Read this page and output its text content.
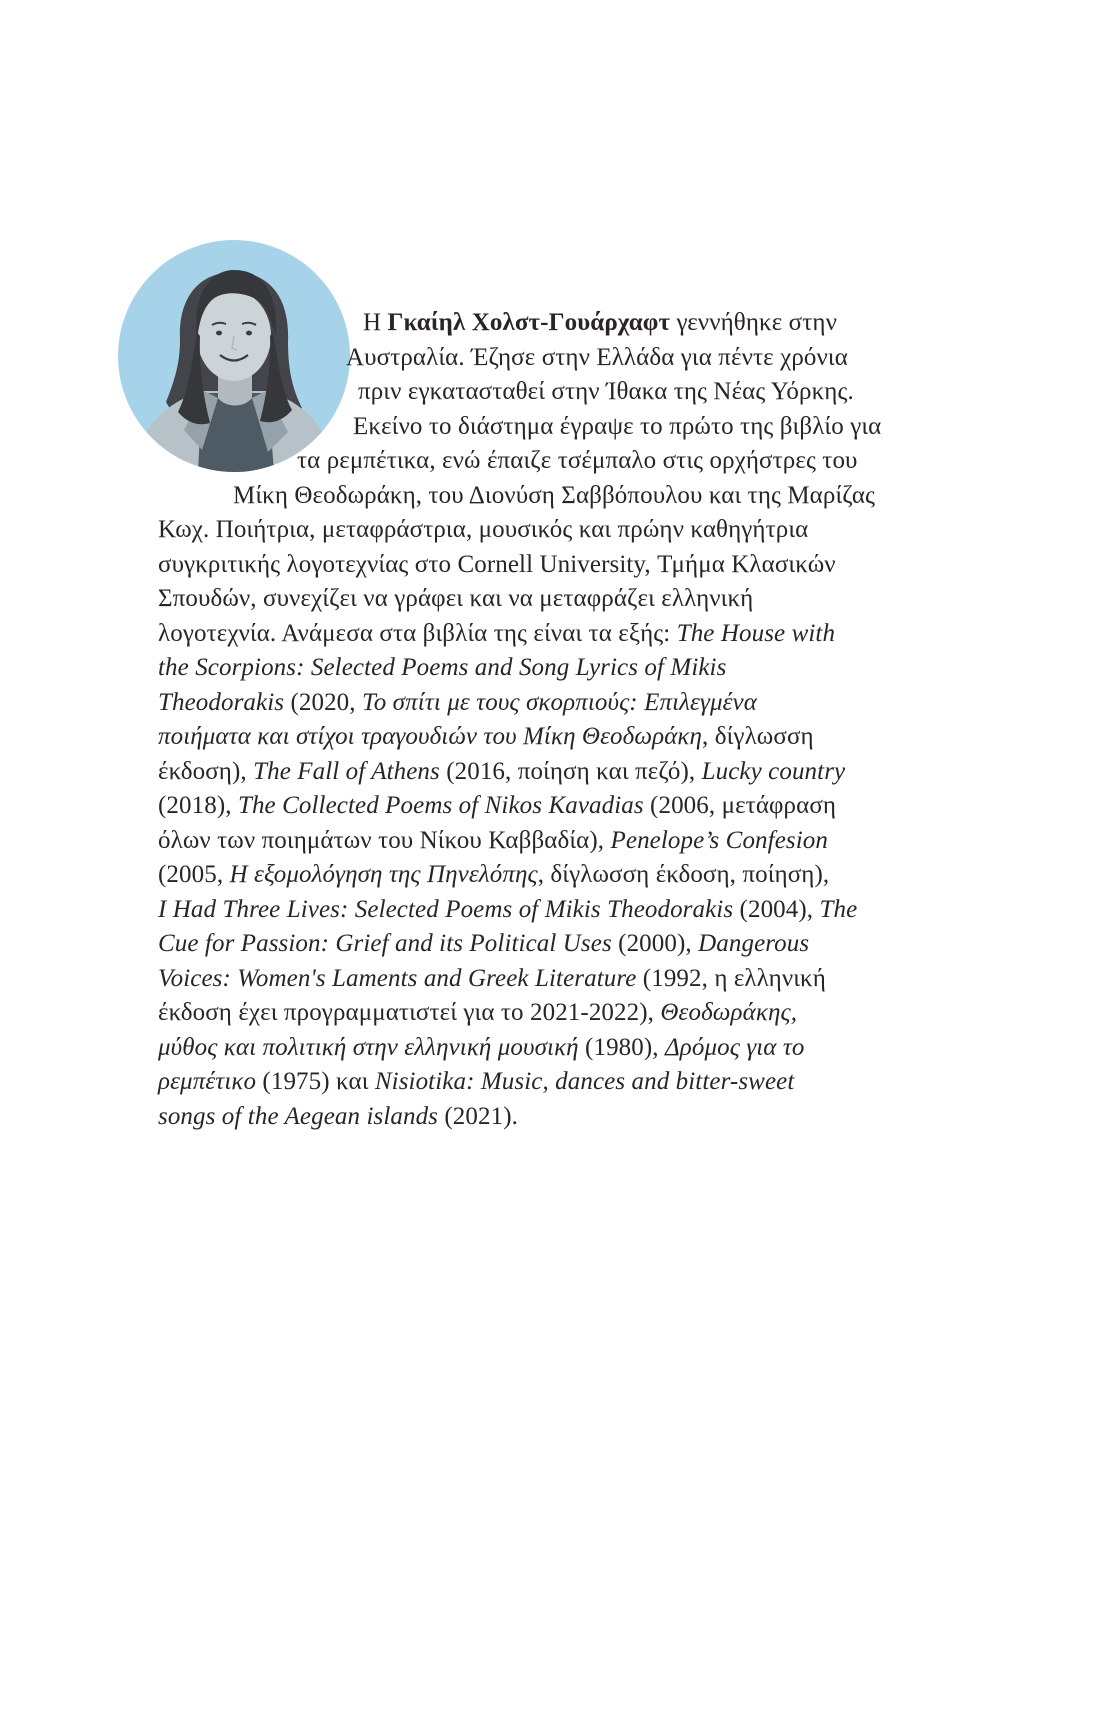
Η Γκαίηλ Χολστ-Γουάρχαφτ γεννήθηκε στην
Αυστραλία. Έζησε στην Ελλάδα για πέντε χρόνια
πριν εγκατασταθεί στην Ίθακα της Νέας Υόρκης.
Εκείνο το διάστημα έγραψε το πρώτο της βιβλίο για
τα ρεμπέτικα, ενώ έπαιζε τσέμπαλο στις ορχήστρες του
Μίκη Θεοδωράκη, του Διονύση Σαββόπουλου και της Μαρίζας
Κωχ. Ποιήτρια, μεταφράστρια, μουσικός και πρώην καθηγήτρια
συγκριτικής λογοτεχνίας στο Cornell University, Τμήμα Κλασικών
Σπουδών, συνεχίζει να γράφει και να μεταφράζει ελληνική
λογοτεχνία. Ανάμεσα στα βιβλία της είναι τα εξής: The House with
the Scorpions: Selected Poems and Song Lyrics of Mikis
Theodorakis (2020, Το σπίτι με τους σκορπιούς: Επιλεγμένα
ποιήματα και στίχοι τραγουδιών του Μίκη Θεοδωράκη, δίγλωσση
έκδοση), The Fall of Athens (2016, ποίηση και πεζό), Lucky country
(2018), The Collected Poems of Nikos Kavadias (2006, μετάφραση
όλων των ποιημάτων του Νίκου Καββαδία), Penelope’s Confesion
(2005, Η εξομολόγηση της Πηνελόπης, δίγλωσση έκδοση, ποίηση),
I Had Three Lives: Selected Poems of Mikis Theodorakis (2004), The
Cue for Passion: Grief and its Political Uses (2000), Dangerous
Voices: Women's Laments and Greek Literature (1992, η ελληνική
έκδοση έχει προγραμματιστεί για το 2021-2022), Θεοδωράκης,
μύθος και πολιτική στην ελληνική μουσική (1980), Δρόμος για το
ρεμπέτικο (1975) και Nisiotika: Music, dances and bitter-sweet
songs of the Aegean islands (2021).
